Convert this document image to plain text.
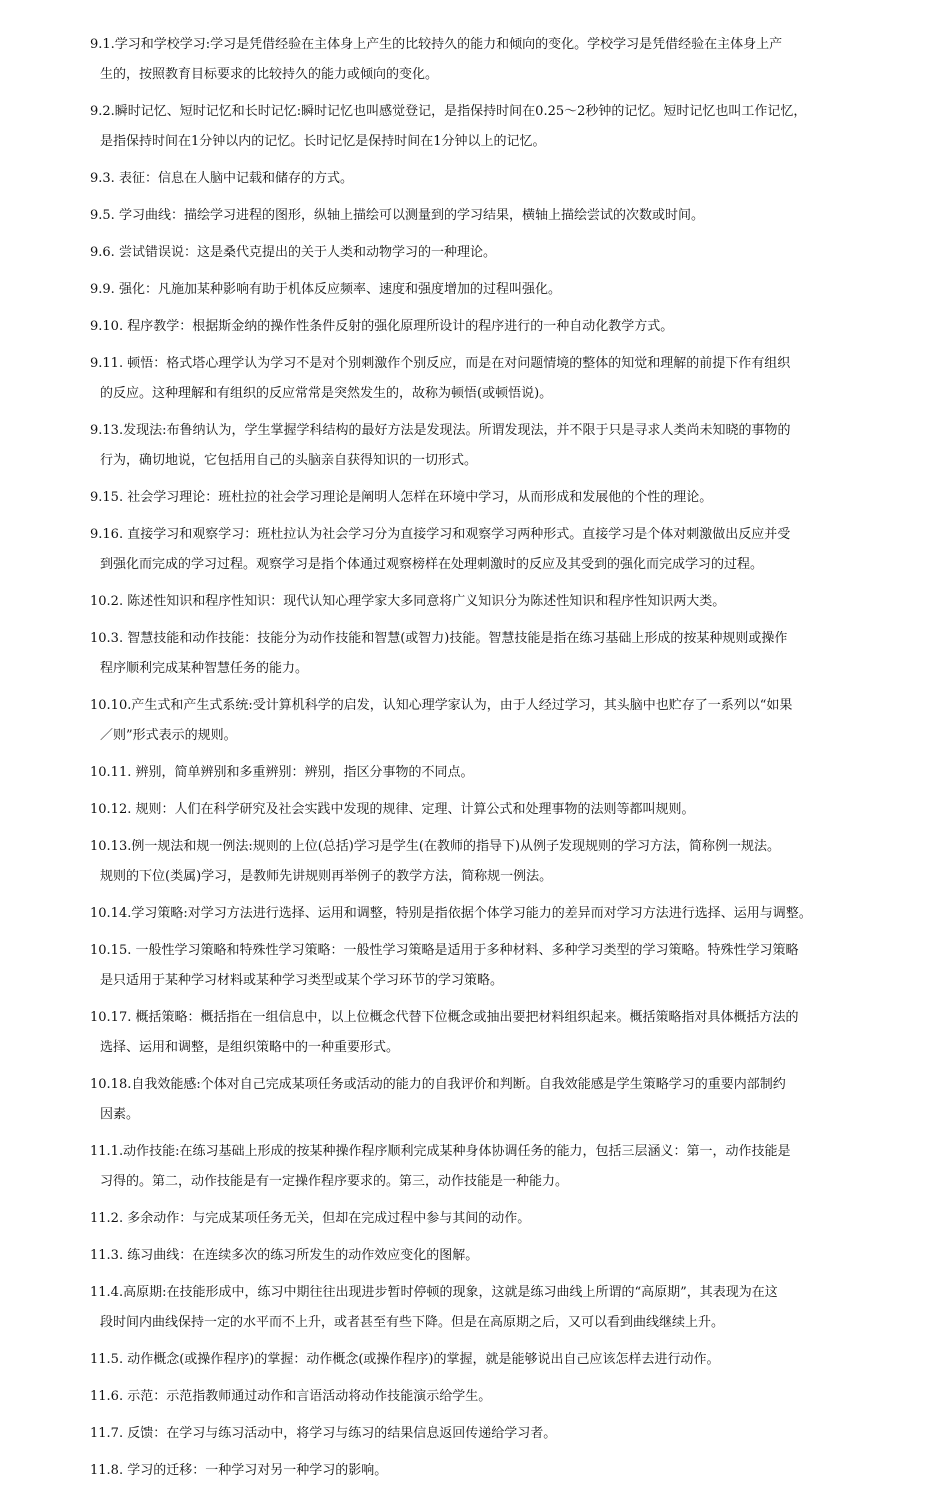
9.1.学习和学校学习:学习是凭借经验在主体身上产生的比较持久的能力和倾向的变化。学校学习是凭借经验在主体身上产
生的，按照教育目标要求的比较持久的能力或倾向的变化。
9.2.瞬时记忆、短时记忆和长时记忆:瞬时记忆也叫感觉登记，是指保持时间在0.25～2秒钟的记忆。短时记忆也叫工作记忆，
是指保持时间在1分钟以内的记忆。长时记忆是保持时间在1分钟以上的记忆。
9.3. 表征：信息在人脑中记载和储存的方式。
9.5. 学习曲线：描绘学习进程的图形，纵轴上描绘可以测量到的学习结果，横轴上描绘尝试的次数或时间。
9.6. 尝试错误说：这是桑代克提出的关于人类和动物学习的一种理论。
9.9. 强化：凡施加某种影响有助于机体反应频率、速度和强度增加的过程叫强化。
9.10. 程序教学：根据斯金纳的操作性条件反射的强化原理所设计的程序进行的一种自动化教学方式。
9.11. 顿悟：格式塔心理学认为学习不是对个别刺激作个别反应，而是在对问题情境的整体的知觉和理解的前提下作有组织
的反应。这种理解和有组织的反应常常是突然发生的，故称为顿悟(或顿悟说)。
9.13.发现法:布鲁纳认为，学生掌握学科结构的最好方法是发现法。所谓发现法，并不限于只是寻求人类尚未知晓的事物的
行为，确切地说，它包括用自己的头脑亲自获得知识的一切形式。
9.15. 社会学习理论：班杜拉的社会学习理论是阐明人怎样在环境中学习，从而形成和发展他的个性的理论。
9.16. 直接学习和观察学习：班杜拉认为社会学习分为直接学习和观察学习两种形式。直接学习是个体对刺激做出反应并受
到强化而完成的学习过程。观察学习是指个体通过观察榜样在处理刺激时的反应及其受到的强化而完成学习的过程。
10.2. 陈述性知识和程序性知识：现代认知心理学家大多同意将广义知识分为陈述性知识和程序性知识两大类。
10.3. 智慧技能和动作技能：技能分为动作技能和智慧(或智力)技能。智慧技能是指在练习基础上形成的按某种规则或操作
程序顺利完成某种智慧任务的能力。
10.10.产生式和产生式系统:受计算机科学的启发，认知心理学家认为，由于人经过学习，其头脑中也贮存了一系列以“如果
／则”形式表示的规则。
10.11. 辨别，简单辨别和多重辨别：辨别，指区分事物的不同点。
10.12. 规则：人们在科学研究及社会实践中发现的规律、定理、计算公式和处理事物的法则等都叫规则。
10.13.例一规法和规一例法:规则的上位(总括)学习是学生(在教师的指导下)从例子发现规则的学习方法，简称例一规法。
规则的下位(类属)学习，是教师先讲规则再举例子的教学方法，简称规一例法。
10.14.学习策略:对学习方法进行选择、运用和调整，特别是指依据个体学习能力的差异而对学习方法进行选择、运用与调整。
10.15. 一般性学习策略和特殊性学习策略：一般性学习策略是适用于多种材料、多种学习类型的学习策略。特殊性学习策略
是只适用于某种学习材料或某种学习类型或某个学习环节的学习策略。
10.17. 概括策略：概括指在一组信息中，以上位概念代替下位概念或抽出要把材料组织起来。概括策略指对具体概括方法的
选择、运用和调整，是组织策略中的一种重要形式。
10.18.自我效能感:个体对自己完成某项任务或活动的能力的自我评价和判断。自我效能感是学生策略学习的重要内部制约
因素。
11.1.动作技能:在练习基础上形成的按某种操作程序顺利完成某种身体协调任务的能力，包括三层涵义：第一，动作技能是
习得的。第二，动作技能是有一定操作程序要求的。第三，动作技能是一种能力。
11.2. 多余动作：与完成某项任务无关，但却在完成过程中参与其间的动作。
11.3. 练习曲线：在连续多次的练习所发生的动作效应变化的图解。
11.4.高原期:在技能形成中，练习中期往往出现进步暂时停顿的现象，这就是练习曲线上所谓的“高原期”，其表现为在这
段时间内曲线保持一定的水平而不上升，或者甚至有些下降。但是在高原期之后，又可以看到曲线继续上升。
11.5. 动作概念(或操作程序)的掌握：动作概念(或操作程序)的掌握，就是能够说出自己应该怎样去进行动作。
11.6. 示范：示范指教师通过动作和言语活动将动作技能演示给学生。
11.7. 反馈：在学习与练习活动中，将学习与练习的结果信息返回传递给学习者。
11.8. 学习的迁移：一种学习对另一种学习的影响。
